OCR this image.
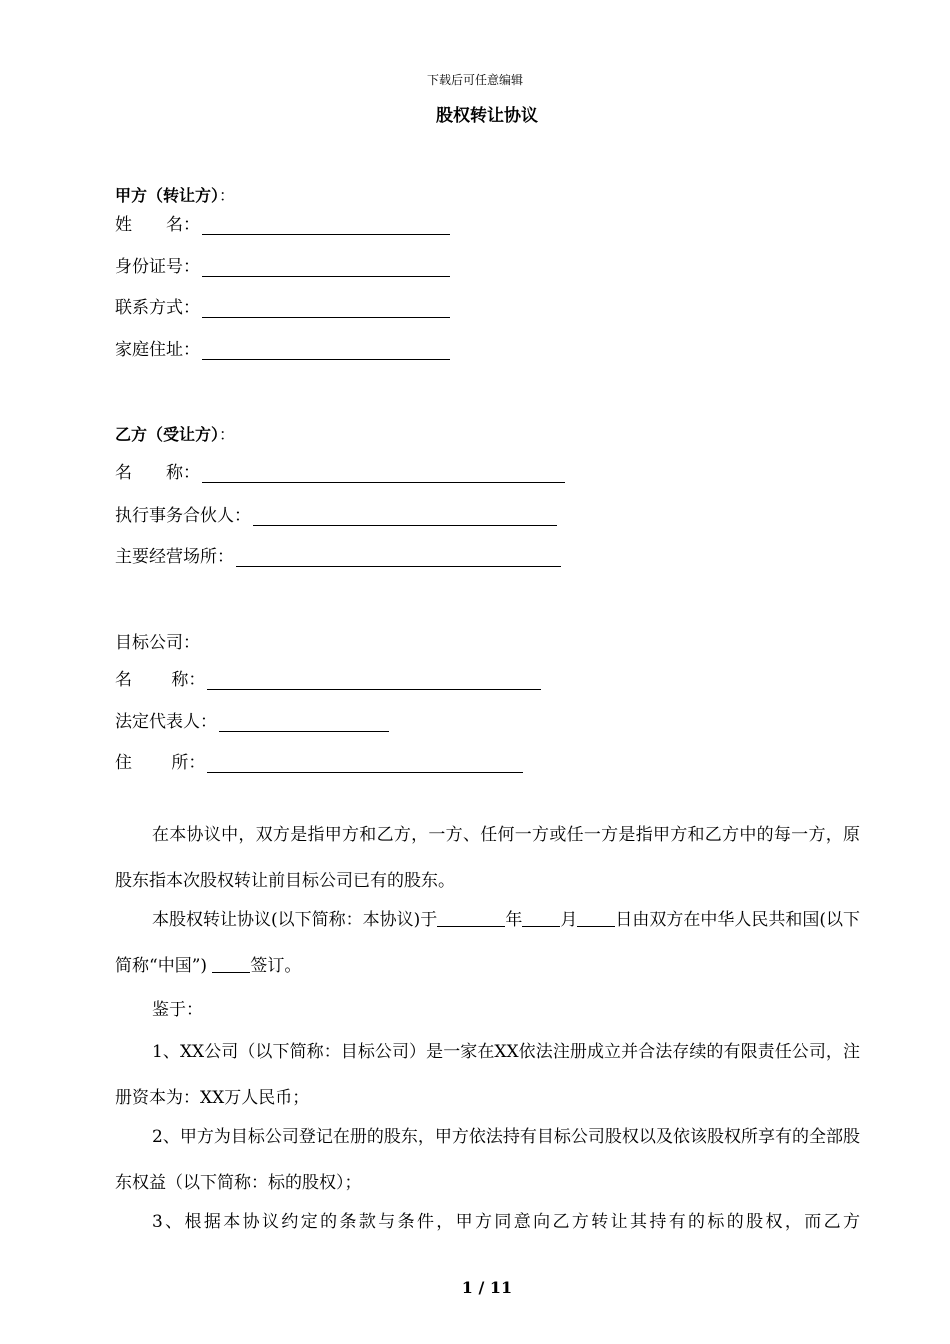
下载后可任意编辑
股权转让协议
甲方（转让方）：
姓　　名：
身份证号：
联系方式：
家庭住址：
乙方（受让方）：
名　　称：
执行事务合伙人：
主要经营场所：
目标公司：
名　　 称：
法定代表人：
住　　 所：
在本协议中，双方是指甲方和乙方，一方、任何一方或任一方是指甲方和乙方中的每一方，原股东指本次股权转让前目标公司已有的股东。
本股权转让协议(以下简称：本协议)于	年 月 日由双方在中华人民共和国(以下简称“中国”)	签订。
鉴于：
1、XX公司（以下简称：目标公司）是一家在XX依法注册成立并合法存续的有限责任公司，注册资本为：XX万人民币；
2、甲方为目标公司登记在册的股东，甲方依法持有目标公司股权以及依该股权所享有的全部股东权益（以下简称：标的股权）；
3、根据本协议约定的条款与条件，甲方同意向乙方转让其持有的标的股权，而乙方
1 / 11
